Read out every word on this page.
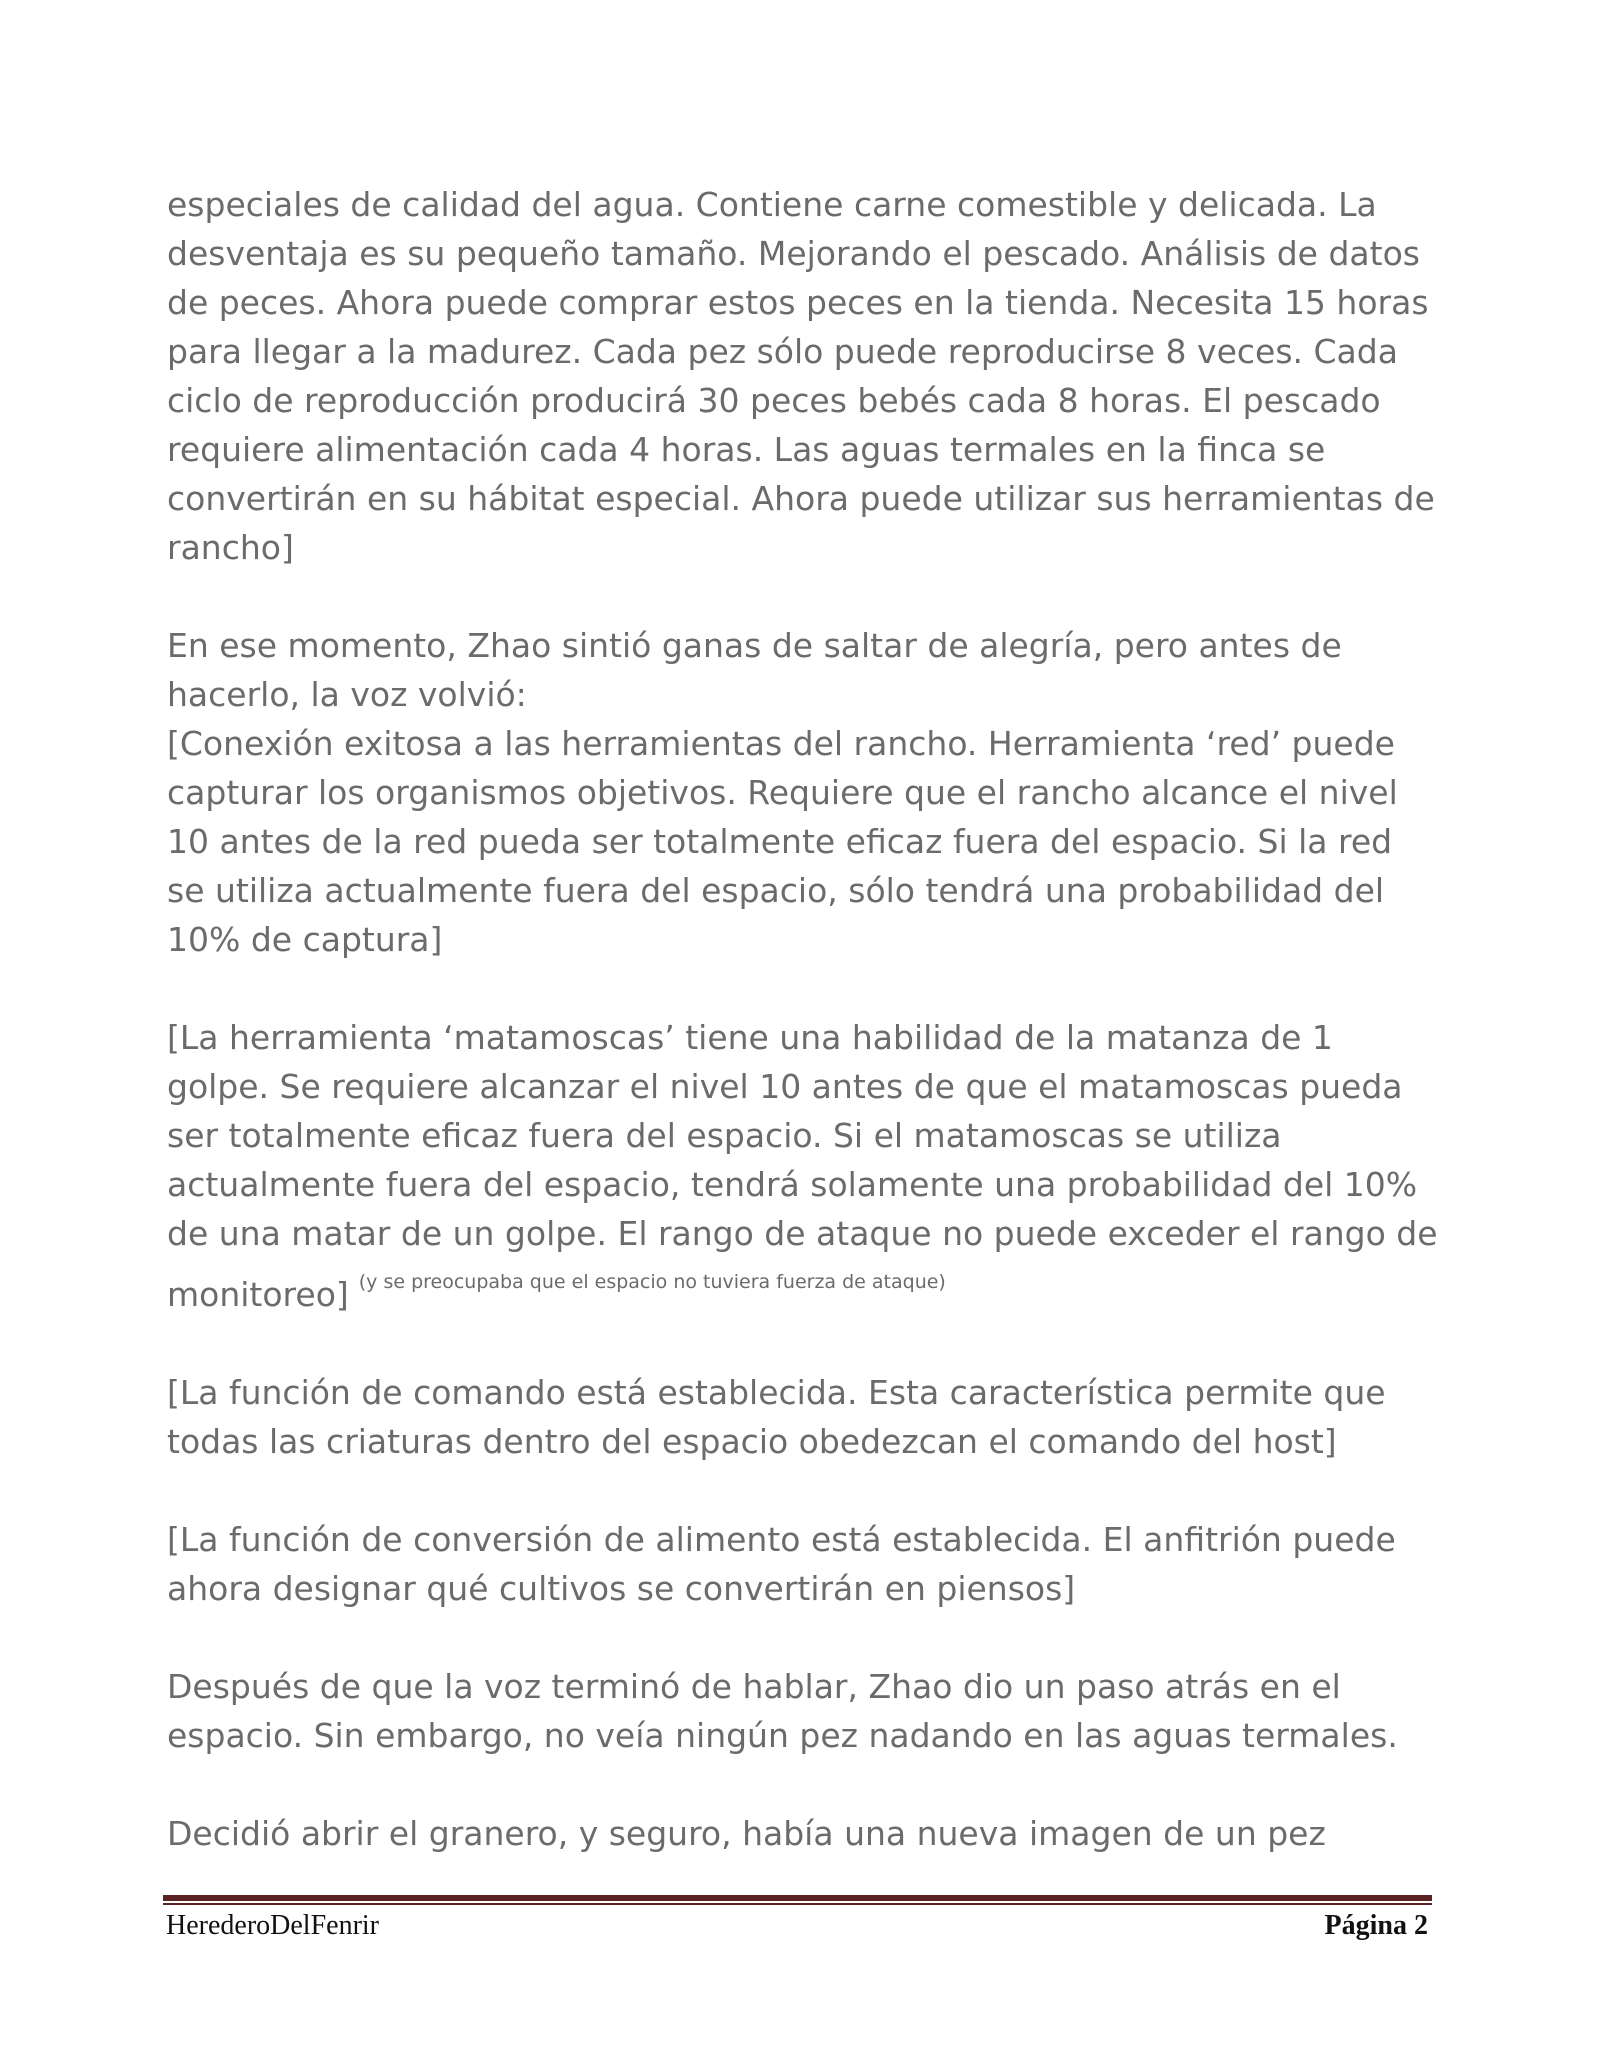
especiales de calidad del agua. Contiene carne comestible y delicada. La
desventaja es su pequeño tamaño. Mejorando el pescado. Análisis de datos
de peces. Ahora puede comprar estos peces en la tienda. Necesita 15 horas
para llegar a la madurez. Cada pez sólo puede reproducirse 8 veces. Cada
ciclo de reproducción producirá 30 peces bebés cada 8 horas. El pescado
requiere alimentación cada 4 horas. Las aguas termales en la finca se
convertirán en su hábitat especial. Ahora puede utilizar sus herramientas de
rancho]
En ese momento, Zhao sintió ganas de saltar de alegría, pero antes de
hacerlo, la voz volvió:
[Conexión exitosa a las herramientas del rancho. Herramienta ‘red’ puede
capturar los organismos objetivos. Requiere que el rancho alcance el nivel
10 antes de la red pueda ser totalmente eficaz fuera del espacio. Si la red
se utiliza actualmente fuera del espacio, sólo tendrá una probabilidad del
10% de captura]
[La herramienta ‘matamoscas’ tiene una habilidad de la matanza de 1
golpe. Se requiere alcanzar el nivel 10 antes de que el matamoscas pueda
ser totalmente eficaz fuera del espacio. Si el matamoscas se utiliza
actualmente fuera del espacio, tendrá solamente una probabilidad del 10%
de una matar de un golpe. El rango de ataque no puede exceder el rango de
monitoreo] $^{(y se preocupaba que el espacio no tuviera fuerza de ataque)}$
[La función de comando está establecida. Esta característica permite que
todas las criaturas dentro del espacio obedezcan el comando del host]
[La función de conversión de alimento está establecida. El anfitrión puede
ahora designar qué cultivos se convertirán en piensos]
Después de que la voz terminó de hablar, Zhao dio un paso atrás en el
espacio. Sin embargo, no veía ningún pez nadando en las aguas termales.
Decidió abrir el granero, y seguro, había una nueva imagen de un pez
HerederoDelFenrir	Página 2
